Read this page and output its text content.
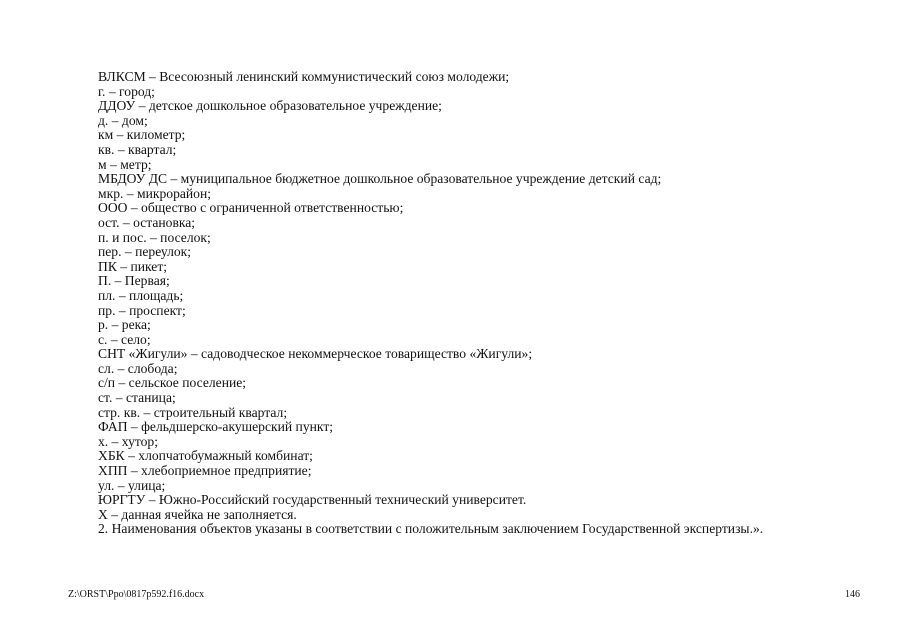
ВЛКСМ – Всесоюзный ленинский коммунистический союз молодежи;
г. – город;
ДДОУ – детское дошкольное образовательное учреждение;
д. – дом;
км – километр;
кв. – квартал;
м – метр;
МБДОУ ДС – муниципальное бюджетное дошкольное образовательное учреждение детский сад;
мкр. – микрорайон;
ООО – общество с ограниченной ответственностью;
ост. – остановка;
п. и пос. – поселок;
пер. – переулок;
ПК – пикет;
П. – Первая;
пл. – площадь;
пр. – проспект;
р. – река;
с. – село;
СНТ «Жигули» – садоводческое некоммерческое товарищество «Жигули»;
сл. – слобода;
с/п – сельское поселение;
ст. – станица;
стр. кв. – строительный квартал;
ФАП – фельдшерско-акушерский пункт;
х. – хутор;
ХБК – хлопчатобумажный комбинат;
ХПП – хлебоприемное предприятие;
ул. – улица;
ЮРГТУ – Южно-Российский государственный технический университет.
Х – данная ячейка не заполняется.
2. Наименования объектов указаны в соответствии с положительным заключением Государственной экспертизы.».
Z:\ORST\Ppo\0817p592.f16.docx	146
